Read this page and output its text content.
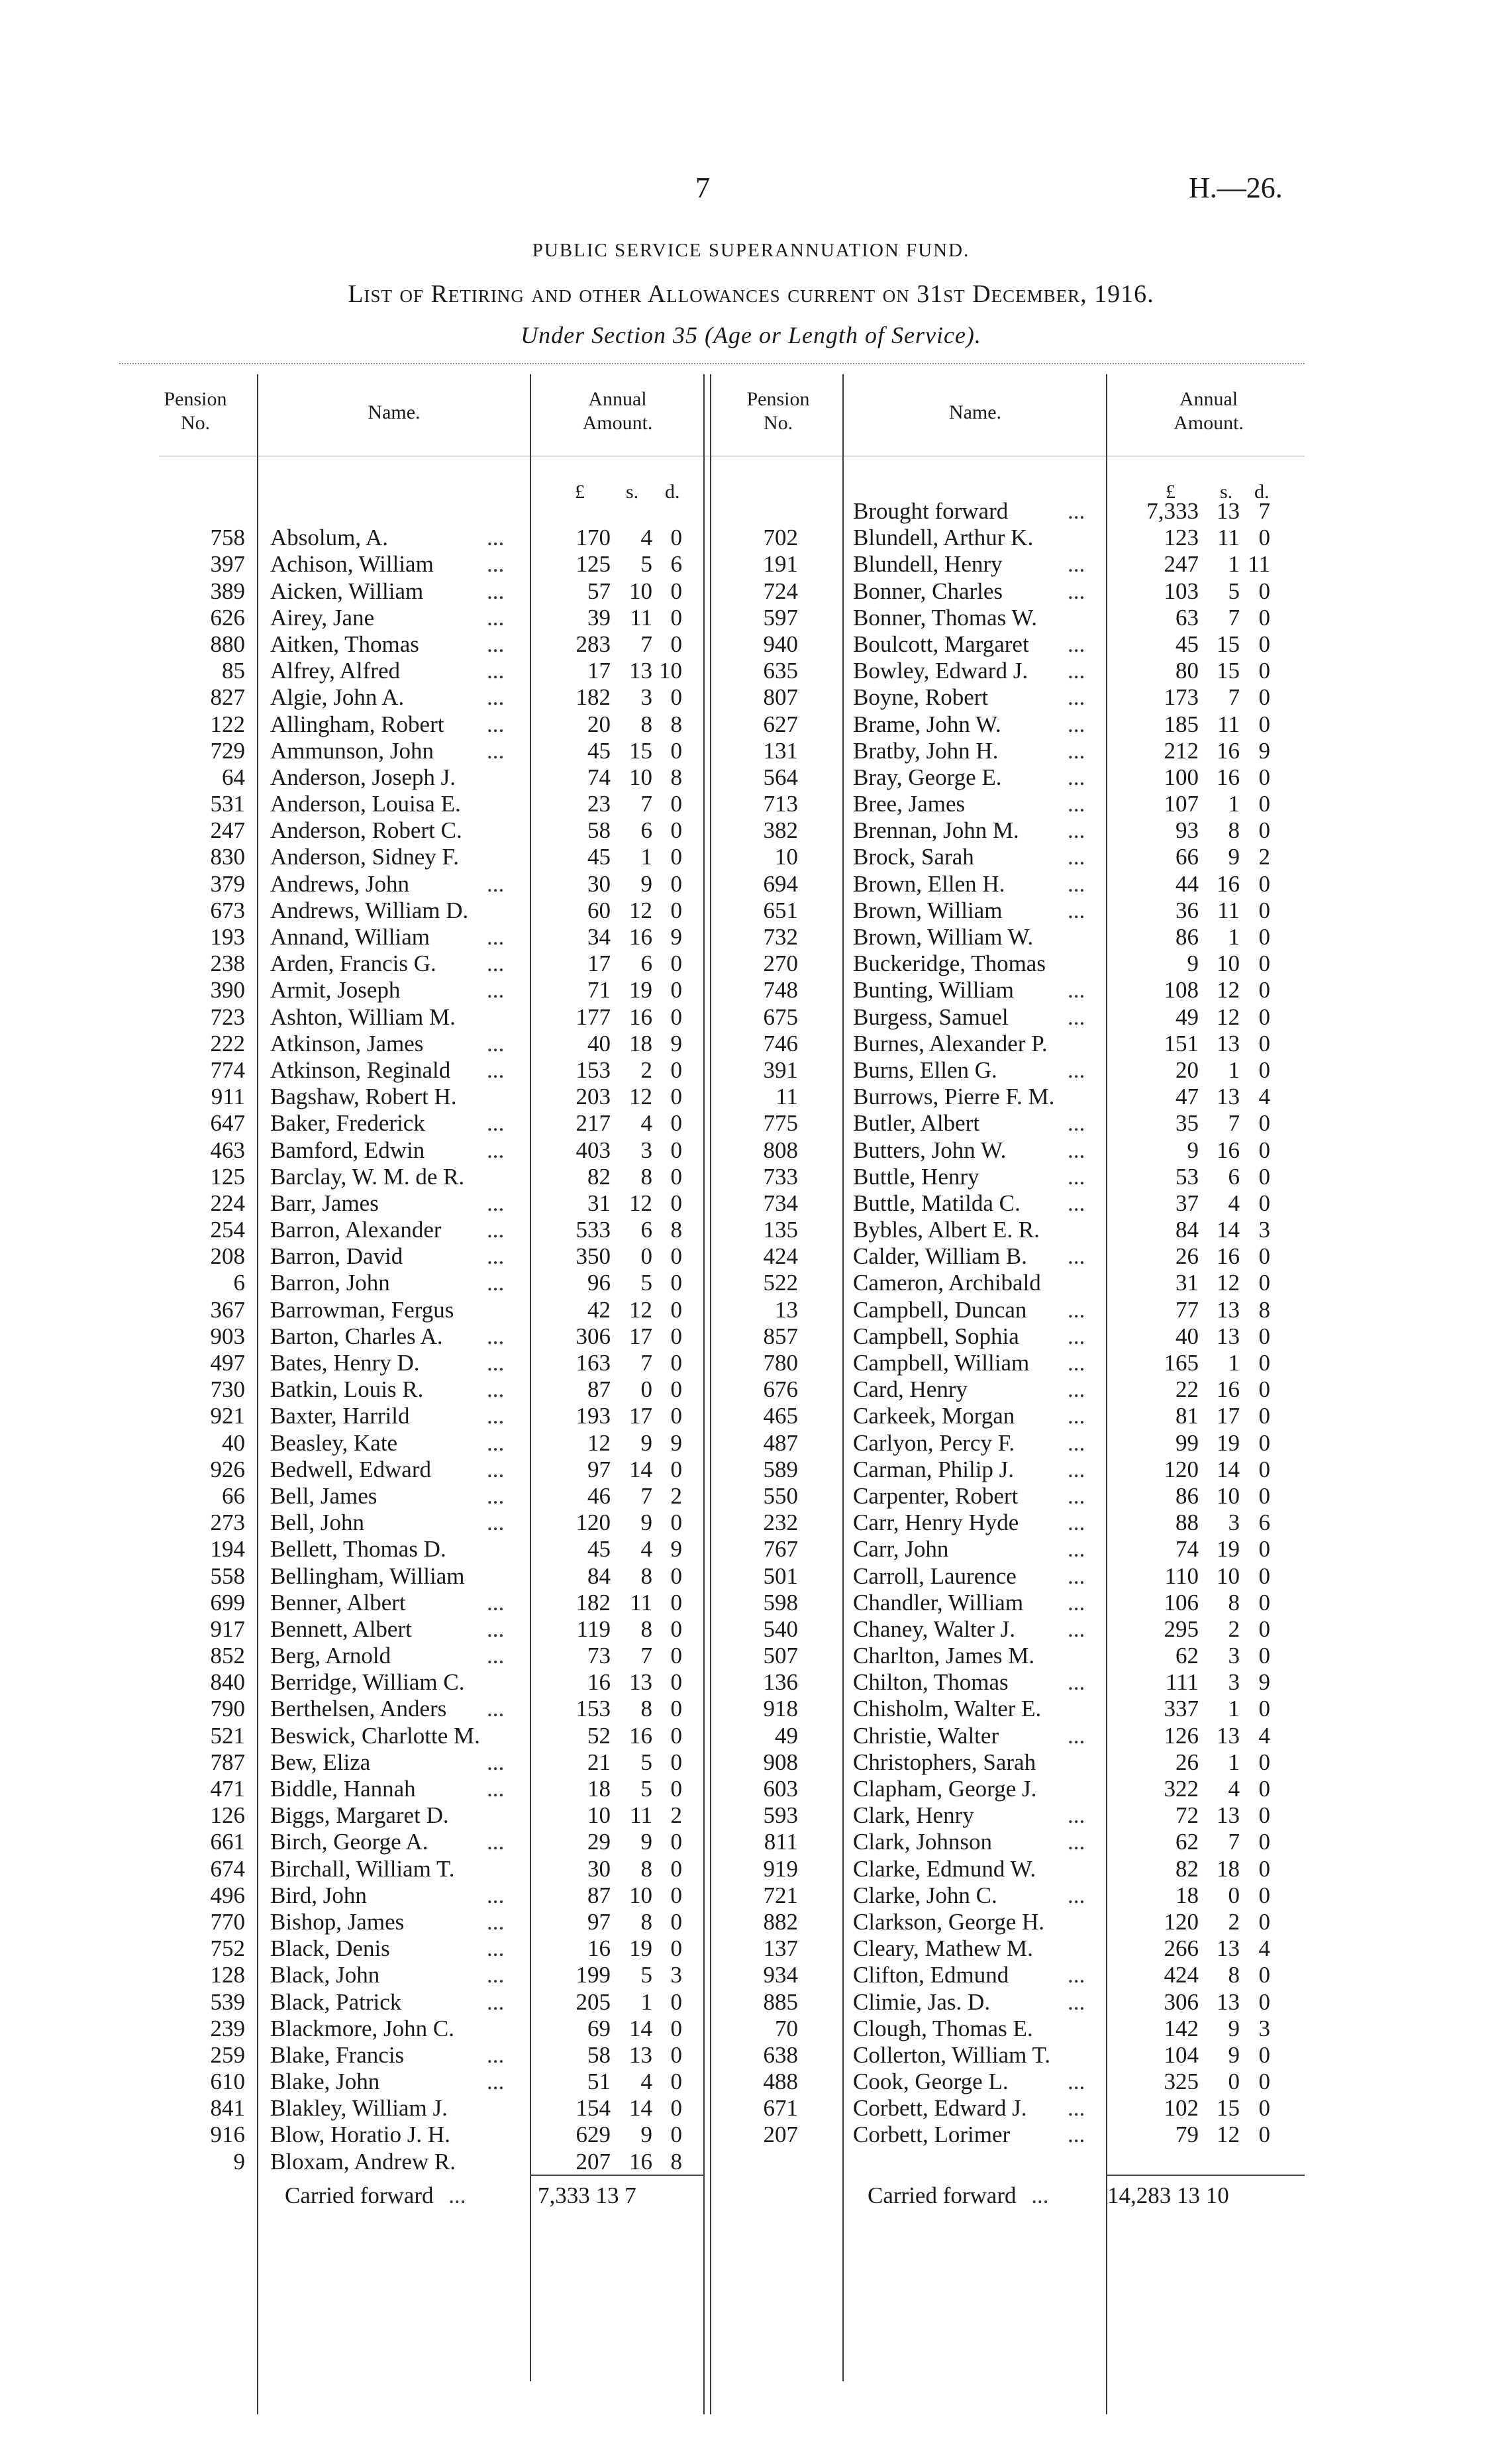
7	H.—26.
PUBLIC SERVICE SUPERANNUATION FUND.
List of Retiring and other Allowances current on 31st December, 1916.
Under Section 35 (Age or Length of Service).
Pension
No.	Name.
Annual
Amount.
Pension
No.	Name.
Annual
Amount.
£ s. d.	£ s. d.
758 Absolum, A.	...	170	4 0
397 Achison, William ...	125	5 6
389 Aicken, William	...	57 10 0
626 Airey, Jane	...	39 11 0
880 Aitken, Thomas	...	283	7 0
85 Alfrey, Alfred	...	17 13 10
827 Algie, John A.	...	182	3 0
122 Allingham, Robert ...	20	8 8
729 Ammunson, John ...	45 15 0
64 Anderson, Joseph J.	74 10 8
531 Anderson, Louisa E.	23	7 0
247 Anderson, Robert C.	58	6 0
830 Anderson, Sidney F.	45	1 0
379 Andrews, John	...	30	9 0
673 Andrews, William D.	60 12 0
193 Annand, William ...	34 16 9
238 Arden, Francis G. ...	17	6 0
390 Armit, Joseph	...	71 19 0
723 Ashton, William M.	177 16 0
222 Atkinson, James	...	40 18 9
774 Atkinson, Reginald ...	153	2 0
911 Bagshaw, Robert H.	203 12 0
647 Baker, Frederick	...	217	4 0
463 Bamford, Edwin	...	403	3 0
125 Barclay, W. M. de R.	82	8 0
224 Barr, James	...	31 12 0
254 Barron, Alexander ...	533	6 8
208 Barron, David	...	350	0 0
6 Barron, John	...	96	5 0
367 Barrowman, Fergus	42 12 0
903 Barton, Charles A. ...	306 17 0
497 Bates, Henry D.	...	163	7 0
730 Batkin, Louis R.	...	87	0 0
921 Baxter, Harrild	...	193 17 0
40 Beasley, Kate	...	12	9 9
926 Bedwell, Edward ...	97 14 0
66 Bell, James	...	46	7 2
273 Bell, John	...	120	9 0
194 Bellett, Thomas D.	45	4 9
558 Bellingham, William	84	8 0
699 Benner, Albert	...	182 11 0
917 Bennett, Albert	...	119	8 0
852 Berg, Arnold	...	73	7 0
840 Berridge, William C.	16 13 0
790 Berthelsen, Anders ...	153	8 0
521 Beswick, Charlotte M.	52 16 0
787 Bew, Eliza	...	21	5 0
471 Biddle, Hannah	...	18	5 0
126 Biggs, Margaret D.	10 11 2
661 Birch, George A.	...	29	9 0
674 Birchall, William T.	30	8 0
496 Bird, John	...	87 10 0
770 Bishop, James	...	97	8 0
752 Black, Denis	...	16 19 0
128 Black, John	...	199	5 3
539 Black, Patrick	...	205	1 0
239 Blackmore, John C.	69 14 0
259 Blake, Francis	...	58 13 0
610 Blake, John	...	51	4 0
841 Blakley, William J.	154 14 0
916 Blow, Horatio J. H.	629	9 0
9 Bloxam, Andrew R.	207 16 8
Brought forward	...	7,333 13 7
702 Blundell, Arthur K.	123 11 0
191 Blundell, Henry	...	247	1 11
724 Bonner, Charles	...	103	5 0
597 Bonner, Thomas W.	63	7 0
940 Boulcott, Margaret ...	45 15 0
635 Bowley, Edward J. ...	80 15 0
807 Boyne, Robert	...	173	7 0
627 Brame, John W.	...	185 11 0
131 Bratby, John H.	...	212 16 9
564 Bray, George E.	...	100 16 0
713 Bree, James	...	107	1 0
382 Brennan, John M. ...	93	8 0
10 Brock, Sarah	...	66	9 2
694 Brown, Ellen H.	...	44 16 0
651 Brown, William	...	36 11 0
732 Brown, William W.	86	1 0
270 Buckeridge, Thomas	9 10 0
748 Bunting, William ...	108 12 0
675 Burgess, Samuel	...	49 12 0
746 Burnes, Alexander P.	151 13 0
391 Burns, Ellen G.	...	20	1 0
11 Burrows, Pierre F. M.	47 13 4
775 Butler, Albert	...	35	7 0
808 Butters, John W.	...	9 16 0
733 Buttle, Henry	...	53	6 0
734 Buttle, Matilda C. ...	37	4 0
135 Bybles, Albert E. R.	84 14 3
424 Calder, William B. ...	26 16 0
522 Cameron, Archibald	31 12 0
13 Campbell, Duncan ...	77 13 8
857 Campbell, Sophia ...	40 13 0
780 Campbell, William ...	165	1 0
676 Card, Henry	...	22 16 0
465 Carkeek, Morgan ...	81 17 0
487 Carlyon, Percy F. ...	99 19 0
589 Carman, Philip J. ...	120 14 0
550 Carpenter, Robert ...	86 10 0
232 Carr, Henry Hyde ...	88	3 6
767 Carr, John	...	74 19 0
501 Carroll, Laurence ...	110 10 0
598 Chandler, William ...	106	8 0
540 Chaney, Walter J. ...	295	2 0
507 Charlton, James M.	62	3 0
136 Chilton, Thomas	...	111	3 9
918 Chisholm, Walter E.	337	1 0
49 Christie, Walter	...	126 13 4
908 Christophers, Sarah	26	1 0
603 Clapham, George J.	322	4 0
593 Clark, Henry	...	72 13 0
811 Clark, Johnson	...	62	7 0
919 Clarke, Edmund W.	82 18 0
721 Clarke, John C.	...	18	0 0
882 Clarkson, George H.	120	2 0
137 Cleary, Mathew M.	266 13 4
934 Clifton, Edmund	...	424	8 0
885 Climie, Jas. D.	...	306 13 0
70 Clough, Thomas E.	142	9 3
638 Collerton, William T.	104	9 0
488 Cook, George L.	...	325	0 0
671 Corbett, Edward J. ...	102 15 0
207 Corbett, Lorimer ...	79 12 0
Carried forward ...	7,333 13 7	Carried forward ...	14,283 13 10
